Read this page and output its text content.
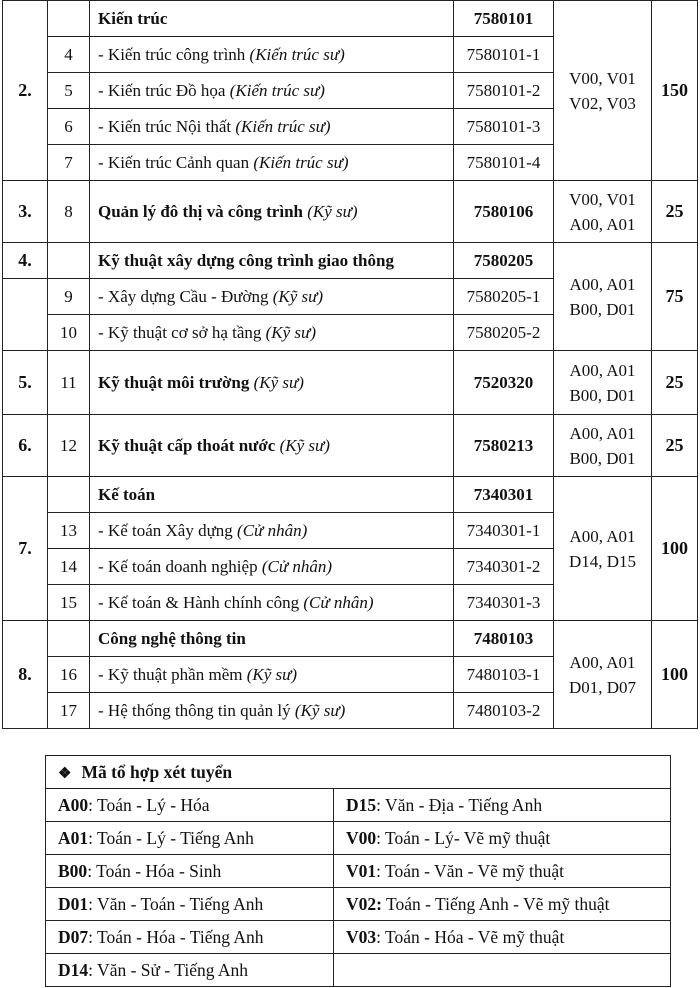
2.		Kiến trúc	7580101	V00, V01
V02, V03	150
	4	- Kiến trúc công trình (Kiến trúc sư)	7580101-1		
	5	- Kiến trúc Đồ họa (Kiến trúc sư)	7580101-2		
	6	- Kiến trúc Nội thất (Kiến trúc sư)	7580101-3		
	7	- Kiến trúc Cảnh quan (Kiến trúc sư)	7580101-4		
3.	8	Quản lý đô thị và công trình (Kỹ sư)	7580106	V00, V01
A00, A01	25
4.		Kỹ thuật xây dựng công trình giao thông	7580205	A00, A01
B00, D01	75
	9	- Xây dựng Cầu - Đường (Kỹ sư)	7580205-1		
	10	- Kỹ thuật cơ sở hạ tầng (Kỹ sư)	7580205-2		
5.	11	Kỹ thuật môi trường (Kỹ sư)	7520320	A00, A01
B00, D01	25
6.	12	Kỹ thuật cấp thoát nước (Kỹ sư)	7580213	A00, A01
B00, D01	25
7.		Kế toán	7340301	A00, A01
D14, D15	100
	13	- Kế toán Xây dựng (Cử nhân)	7340301-1		
	14	- Kế toán doanh nghiệp (Cử nhân)	7340301-2		
	15	- Kế toán & Hành chính công (Cử nhân)	7340301-3		
8.		Công nghệ thông tin	7480103	A00, A01
D01, D07	100
	16	- Kỹ thuật phần mềm (Kỹ sư)	7480103-1		
	17	- Hệ thống thông tin quản lý (Kỹ sư)	7480103-2		
❖ Mã tổ hợp xét tuyển	
A00: Toán - Lý - Hóa	D15: Văn - Địa - Tiếng Anh
A01: Toán - Lý - Tiếng Anh	V00: Toán - Lý- Vẽ mỹ thuật
B00: Toán - Hóa - Sinh	V01: Toán - Văn - Vẽ mỹ thuật
D01: Văn - Toán - Tiếng Anh	V02: Toán - Tiếng Anh - Vẽ mỹ thuật
D07: Toán - Hóa - Tiếng Anh	V03: Toán - Hóa - Vẽ mỹ thuật
D14: Văn - Sử - Tiếng Anh	
